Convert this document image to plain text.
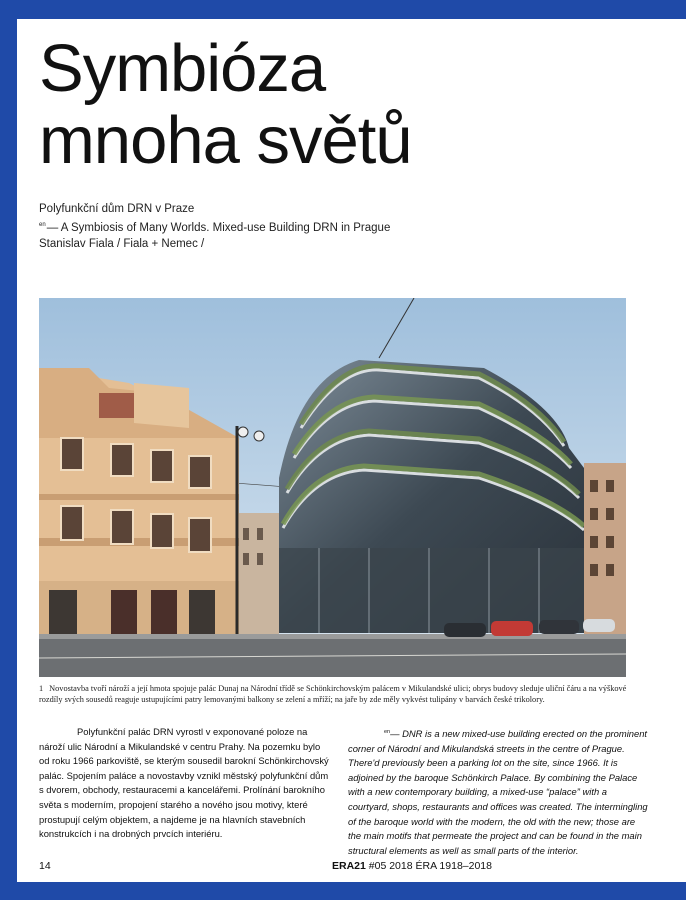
Symbióza
mnoha světů
Polyfunkční dům DRN v Praze
$^{en}$— A Symbiosis of Many Worlds. Mixed-use Building DRN in Prague
Stanislav Fiala / Fiala + Nemec /
1 Novostavba tvoří nároží a její hmota spojuje palác Dunaj na Národní třídě se Schönkirchovským palácem v Mikulandské ulici; obrys budovy sleduje uliční čáru a na výškové rozdíly svých sousedů reaguje ustupujícími patry lemovanými balkony se zelení a mříží; na jaře by zde měly vykvést tulipány v barvách české trikolory.

Polyfunkční palác DRN vyrostl v exponované poloze na nároží ulic Národní a Mikulandské v centru Prahy. Na pozemku bylo od roku 1966 parkoviště, se kterým sousedil barokní Schönkirchovský palác. Spojením paláce a novostavby vznikl městský polyfunkční dům s dvorem, obchody, restauracemi a kancelářemi. Prolínání barokního světa s moderním, propojení starého a nového jsou motivy, které prostupují celým objektem, a najdeme je na hlavních stavebních konstrukcích i na drobných prvcích interiéru.

$^{en}$— DNR is a new mixed-use building erected on the prominent corner of Národní and Mikulandská streets in the centre of Prague. There'd previously been a parking lot on the site, since 1966. It is adjoined by the baroque Schönkirch Palace. By combining the Palace with a new contemporary building, a mixed-use “palace” with a courtyard, shops, restaurants and offices was created. The intermingling of the baroque world with the modern, the old with the new; those are the main motifs that permeate the project and can be found in the main structural elements as well as small parts of the interior.

14	ERA21 #05 2018 ÉRA 1918–2018
